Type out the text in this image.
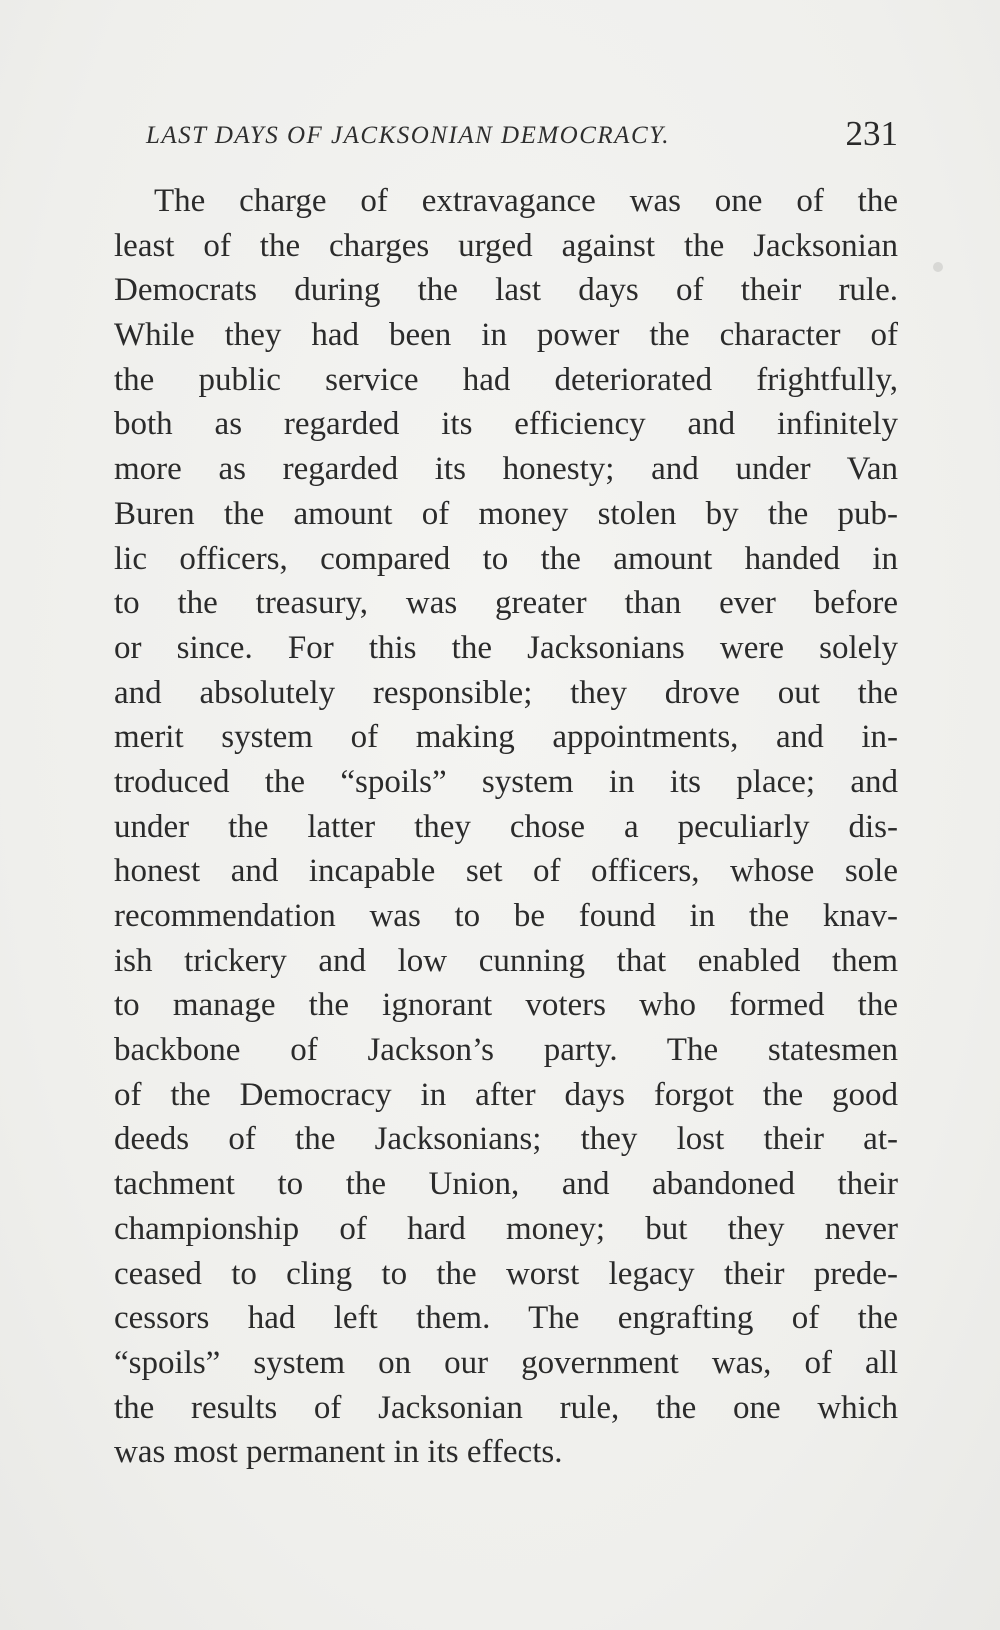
LAST DAYS OF JACKSONIAN DEMOCRACY.	231
The charge of extravagance was one of the
least of the charges urged against the Jacksonian
Democrats during the last days of their rule.
While they had been in power the character of
the public service had deteriorated frightfully,
both as regarded its efficiency and infinitely
more as regarded its honesty; and under Van
Buren the amount of money stolen by the pub-
lic officers, compared to the amount handed in
to the treasury, was greater than ever before
or since. For this the Jacksonians were solely
and absolutely responsible; they drove out the
merit system of making appointments, and in-
troduced the “spoils” system in its place; and
under the latter they chose a peculiarly dis-
honest and incapable set of officers, whose sole
recommendation was to be found in the knav-
ish trickery and low cunning that enabled them
to manage the ignorant voters who formed the
backbone of Jackson’s party. The statesmen
of the Democracy in after days forgot the good
deeds of the Jacksonians; they lost their at-
tachment to the Union, and abandoned their
championship of hard money; but they never
ceased to cling to the worst legacy their prede-
cessors had left them. The engrafting of the
“spoils” system on our government was, of all
the results of Jacksonian rule, the one which
was most permanent in its effects.
